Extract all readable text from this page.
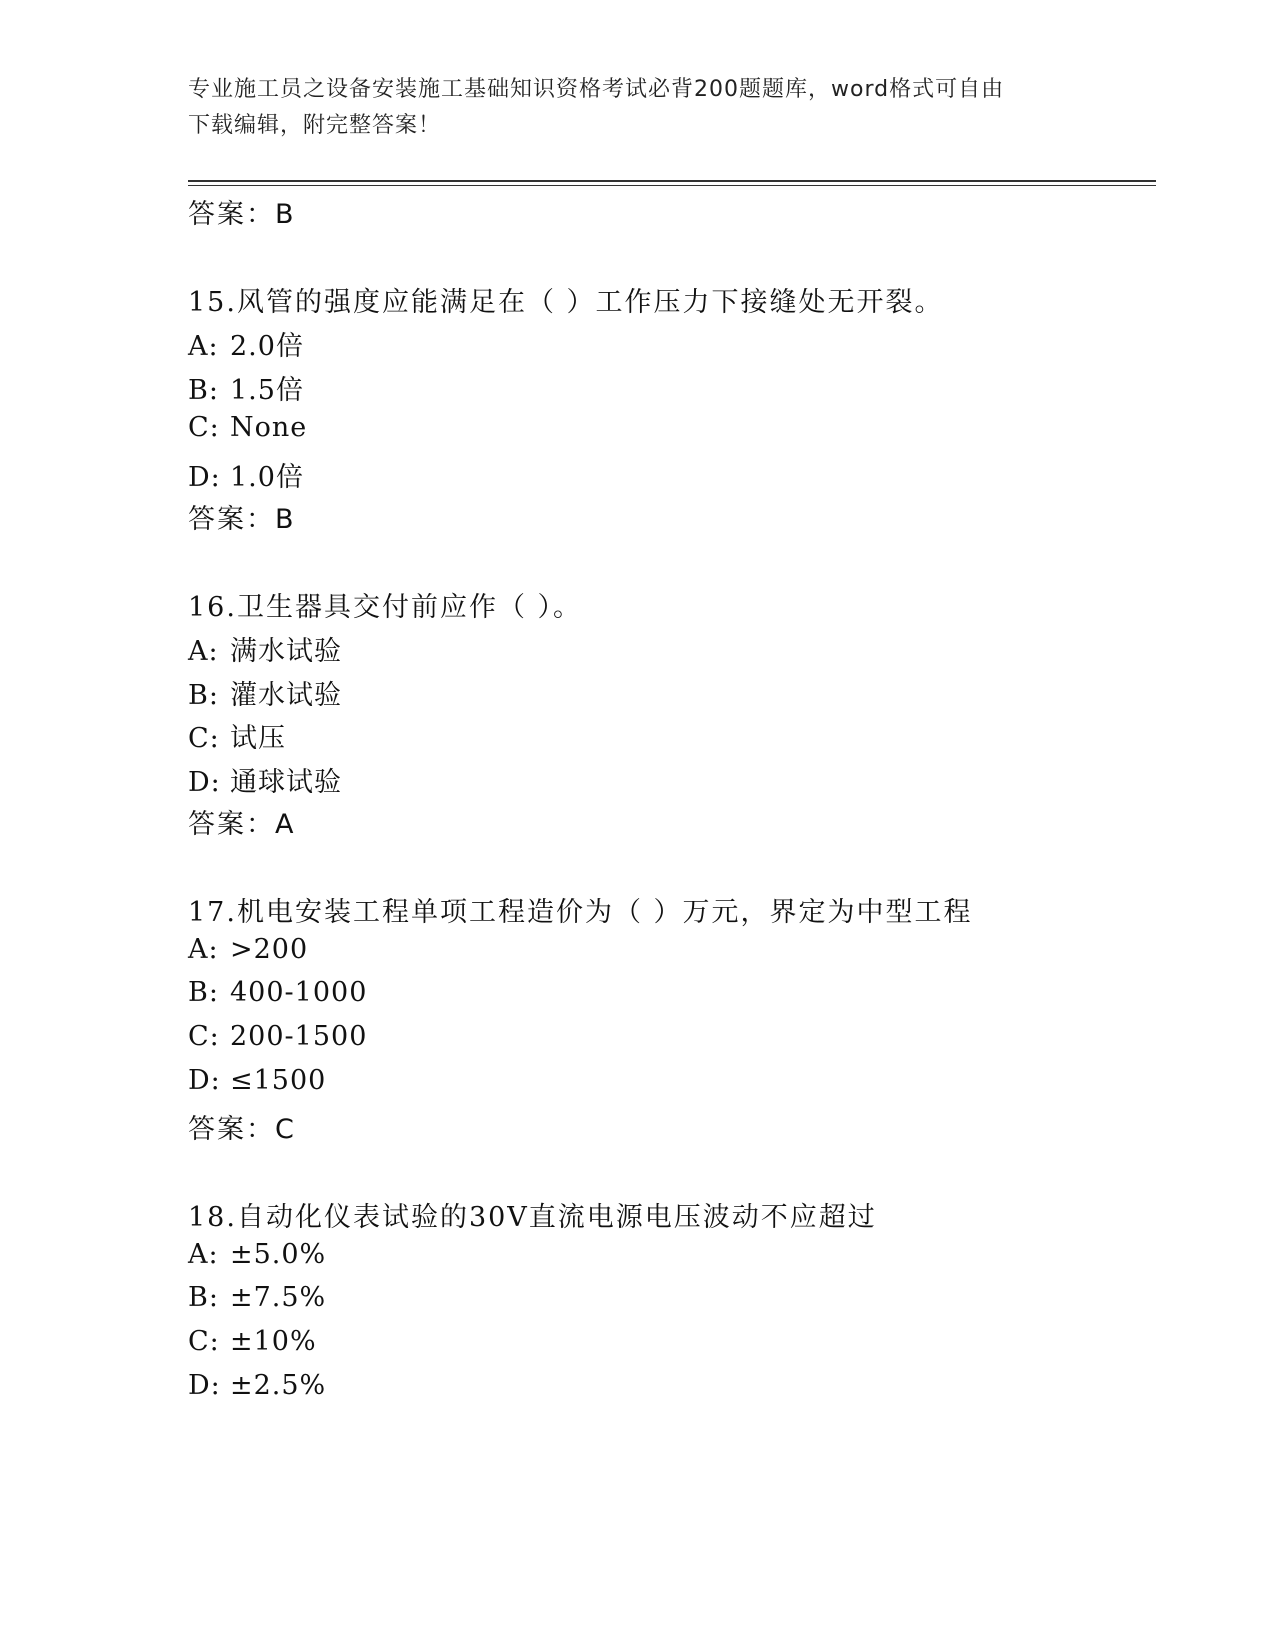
专业施工员之设备安装施工基础知识资格考试必背200题题库，word格式可自由
下载编辑，附完整答案！
答案：B
15.风管的强度应能满足在（ ）工作压力下接缝处无开裂。
A: 2.0倍
B: 1.5倍
C: None
D: 1.0倍
答案：B
16.卫生器具交付前应作（ ）。
A: 满水试验
B: 灌水试验
C: 试压
D: 通球试验
答案：A
17.机电安装工程单项工程造价为（ ）万元，界定为中型工程
A: >200
B: 400-1000
C: 200-1500
D: ≤1500
答案：C
18.自动化仪表试验的30V直流电源电压波动不应超过
A: ±5.0%
B: ±7.5%
C: ±10%
D: ±2.5%
